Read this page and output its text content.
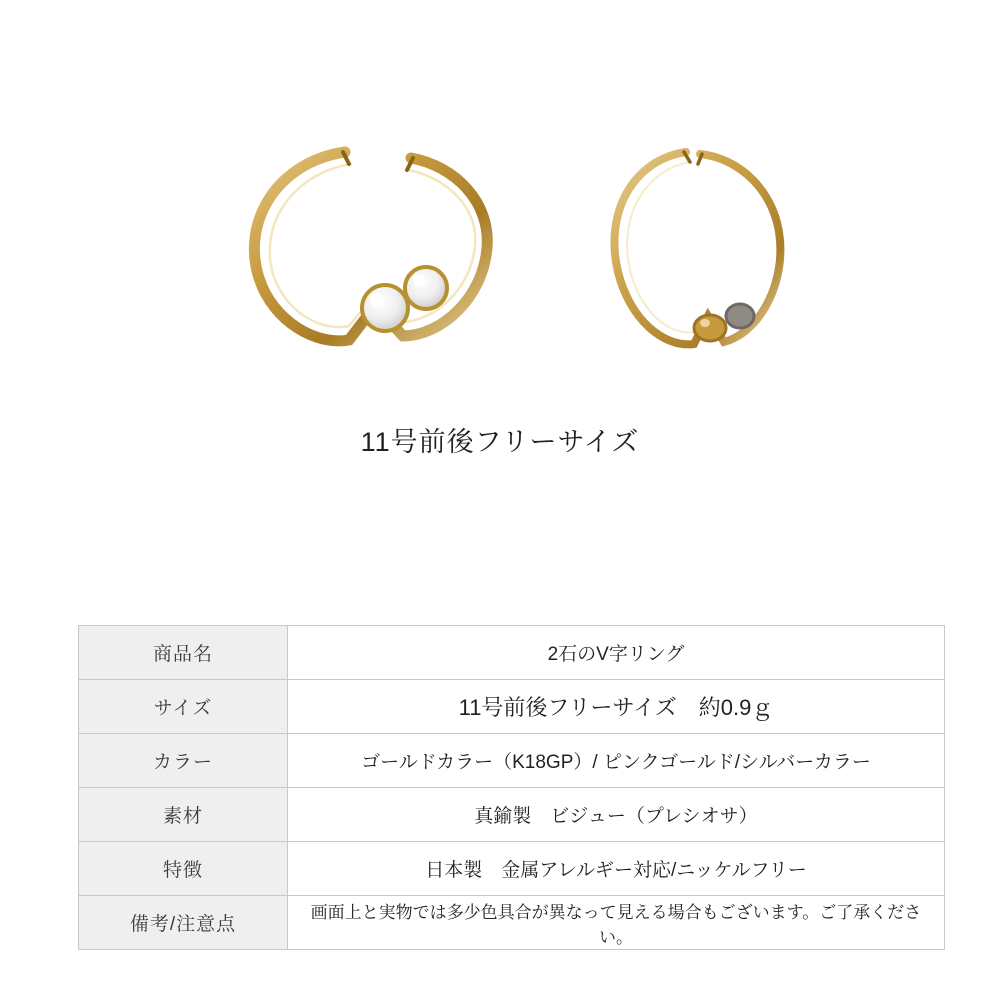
11号前後フリーサイズ
商品名	2石のV字リング
サイズ	11号前後フリーサイズ　約0.9ｇ
カラー	ゴールドカラー（K18GP）/ ピンクゴールド/シルバーカラー
素材	真鍮製　ビジュー（プレシオサ）
特徴	日本製　金属アレルギー対応/ニッケルフリー
備考/注意点	画面上と実物では多少色具合が異なって見える場合もございます。ご了承ください。
